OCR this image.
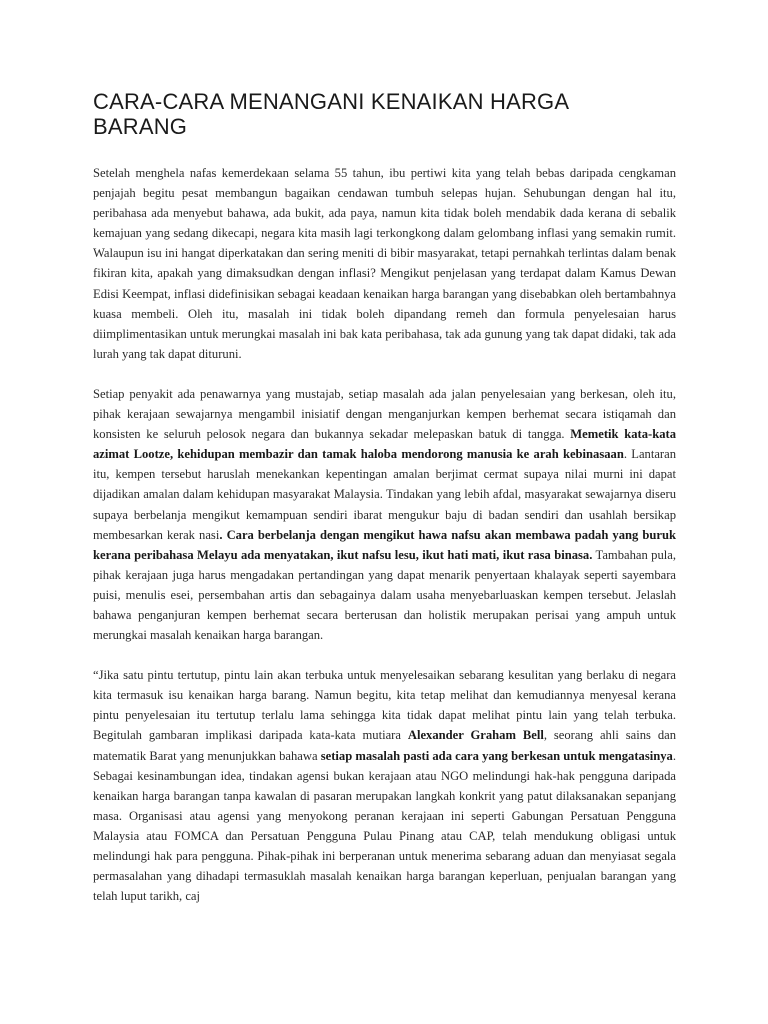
CARA-CARA MENANGANI KENAIKAN HARGA BARANG

Setelah menghela nafas kemerdekaan selama 55 tahun, ibu pertiwi kita yang telah bebas daripada cengkaman penjajah begitu pesat membangun bagaikan cendawan tumbuh selepas hujan. Sehubungan dengan hal itu, peribahasa ada menyebut bahawa, ada bukit, ada paya, namun kita tidak boleh mendabik dada kerana di sebalik kemajuan yang sedang dikecapi, negara kita masih lagi terkongkong dalam gelombang inflasi yang semakin rumit. Walaupun isu ini hangat diperkatakan dan sering meniti di bibir masyarakat, tetapi pernahkah terlintas dalam benak fikiran kita, apakah yang dimaksudkan dengan inflasi? Mengikut penjelasan yang terdapat dalam Kamus Dewan Edisi Keempat, inflasi didefinisikan sebagai keadaan kenaikan harga barangan yang disebabkan oleh bertambahnya kuasa membeli. Oleh itu, masalah ini tidak boleh dipandang remeh dan formula penyelesaian harus diimplimentasikan untuk merungkai masalah ini bak kata peribahasa, tak ada gunung yang tak dapat didaki, tak ada lurah yang tak dapat dituruni.

Setiap penyakit ada penawarnya yang mustajab, setiap masalah ada jalan penyelesaian yang berkesan, oleh itu, pihak kerajaan sewajarnya mengambil inisiatif dengan menganjurkan kempen berhemat secara istiqamah dan konsisten ke seluruh pelosok negara dan bukannya sekadar melepaskan batuk di tangga. Memetik kata-kata azimat Lootze, kehidupan membazir dan tamak haloba mendorong manusia ke arah kebinasaan. Lantaran itu, kempen tersebut haruslah menekankan kepentingan amalan berjimat cermat supaya nilai murni ini dapat dijadikan amalan dalam kehidupan masyarakat Malaysia. Tindakan yang lebih afdal, masyarakat sewajarnya diseru supaya berbelanja mengikut kemampuan sendiri ibarat mengukur baju di badan sendiri dan usahlah bersikap membesarkan kerak nasi. Cara berbelanja dengan mengikut hawa nafsu akan membawa padah yang buruk kerana peribahasa Melayu ada menyatakan, ikut nafsu lesu, ikut hati mati, ikut rasa binasa. Tambahan pula, pihak kerajaan juga harus mengadakan pertandingan yang dapat menarik penyertaan khalayak seperti sayembara puisi, menulis esei, persembahan artis dan sebagainya dalam usaha menyebarluaskan kempen tersebut. Jelaslah bahawa penganjuran kempen berhemat secara berterusan dan holistik merupakan perisai yang ampuh untuk merungkai masalah kenaikan harga barangan.

“Jika satu pintu tertutup, pintu lain akan terbuka untuk menyelesaikan sebarang kesulitan yang berlaku di negara kita termasuk isu kenaikan harga barang. Namun begitu, kita tetap melihat dan kemudiannya menyesal kerana pintu penyelesaian itu tertutup terlalu lama sehingga kita tidak dapat melihat pintu lain yang telah terbuka. Begitulah gambaran implikasi daripada kata-kata mutiara Alexander Graham Bell, seorang ahli sains dan matematik Barat yang menunjukkan bahawa setiap masalah pasti ada cara yang berkesan untuk mengatasinya. Sebagai kesinambungan idea, tindakan agensi bukan kerajaan atau NGO melindungi hak-hak pengguna daripada kenaikan harga barangan tanpa kawalan di pasaran merupakan langkah konkrit yang patut dilaksanakan sepanjang masa. Organisasi atau agensi yang menyokong peranan kerajaan ini seperti Gabungan Persatuan Pengguna Malaysia atau FOMCA dan Persatuan Pengguna Pulau Pinang atau CAP, telah mendukung obligasi untuk melindungi hak para pengguna. Pihak-pihak ini berperanan untuk menerima sebarang aduan dan menyiasat segala permasalahan yang dihadapi termasuklah masalah kenaikan harga barangan keperluan, penjualan barangan yang telah luput tarikh, caj
